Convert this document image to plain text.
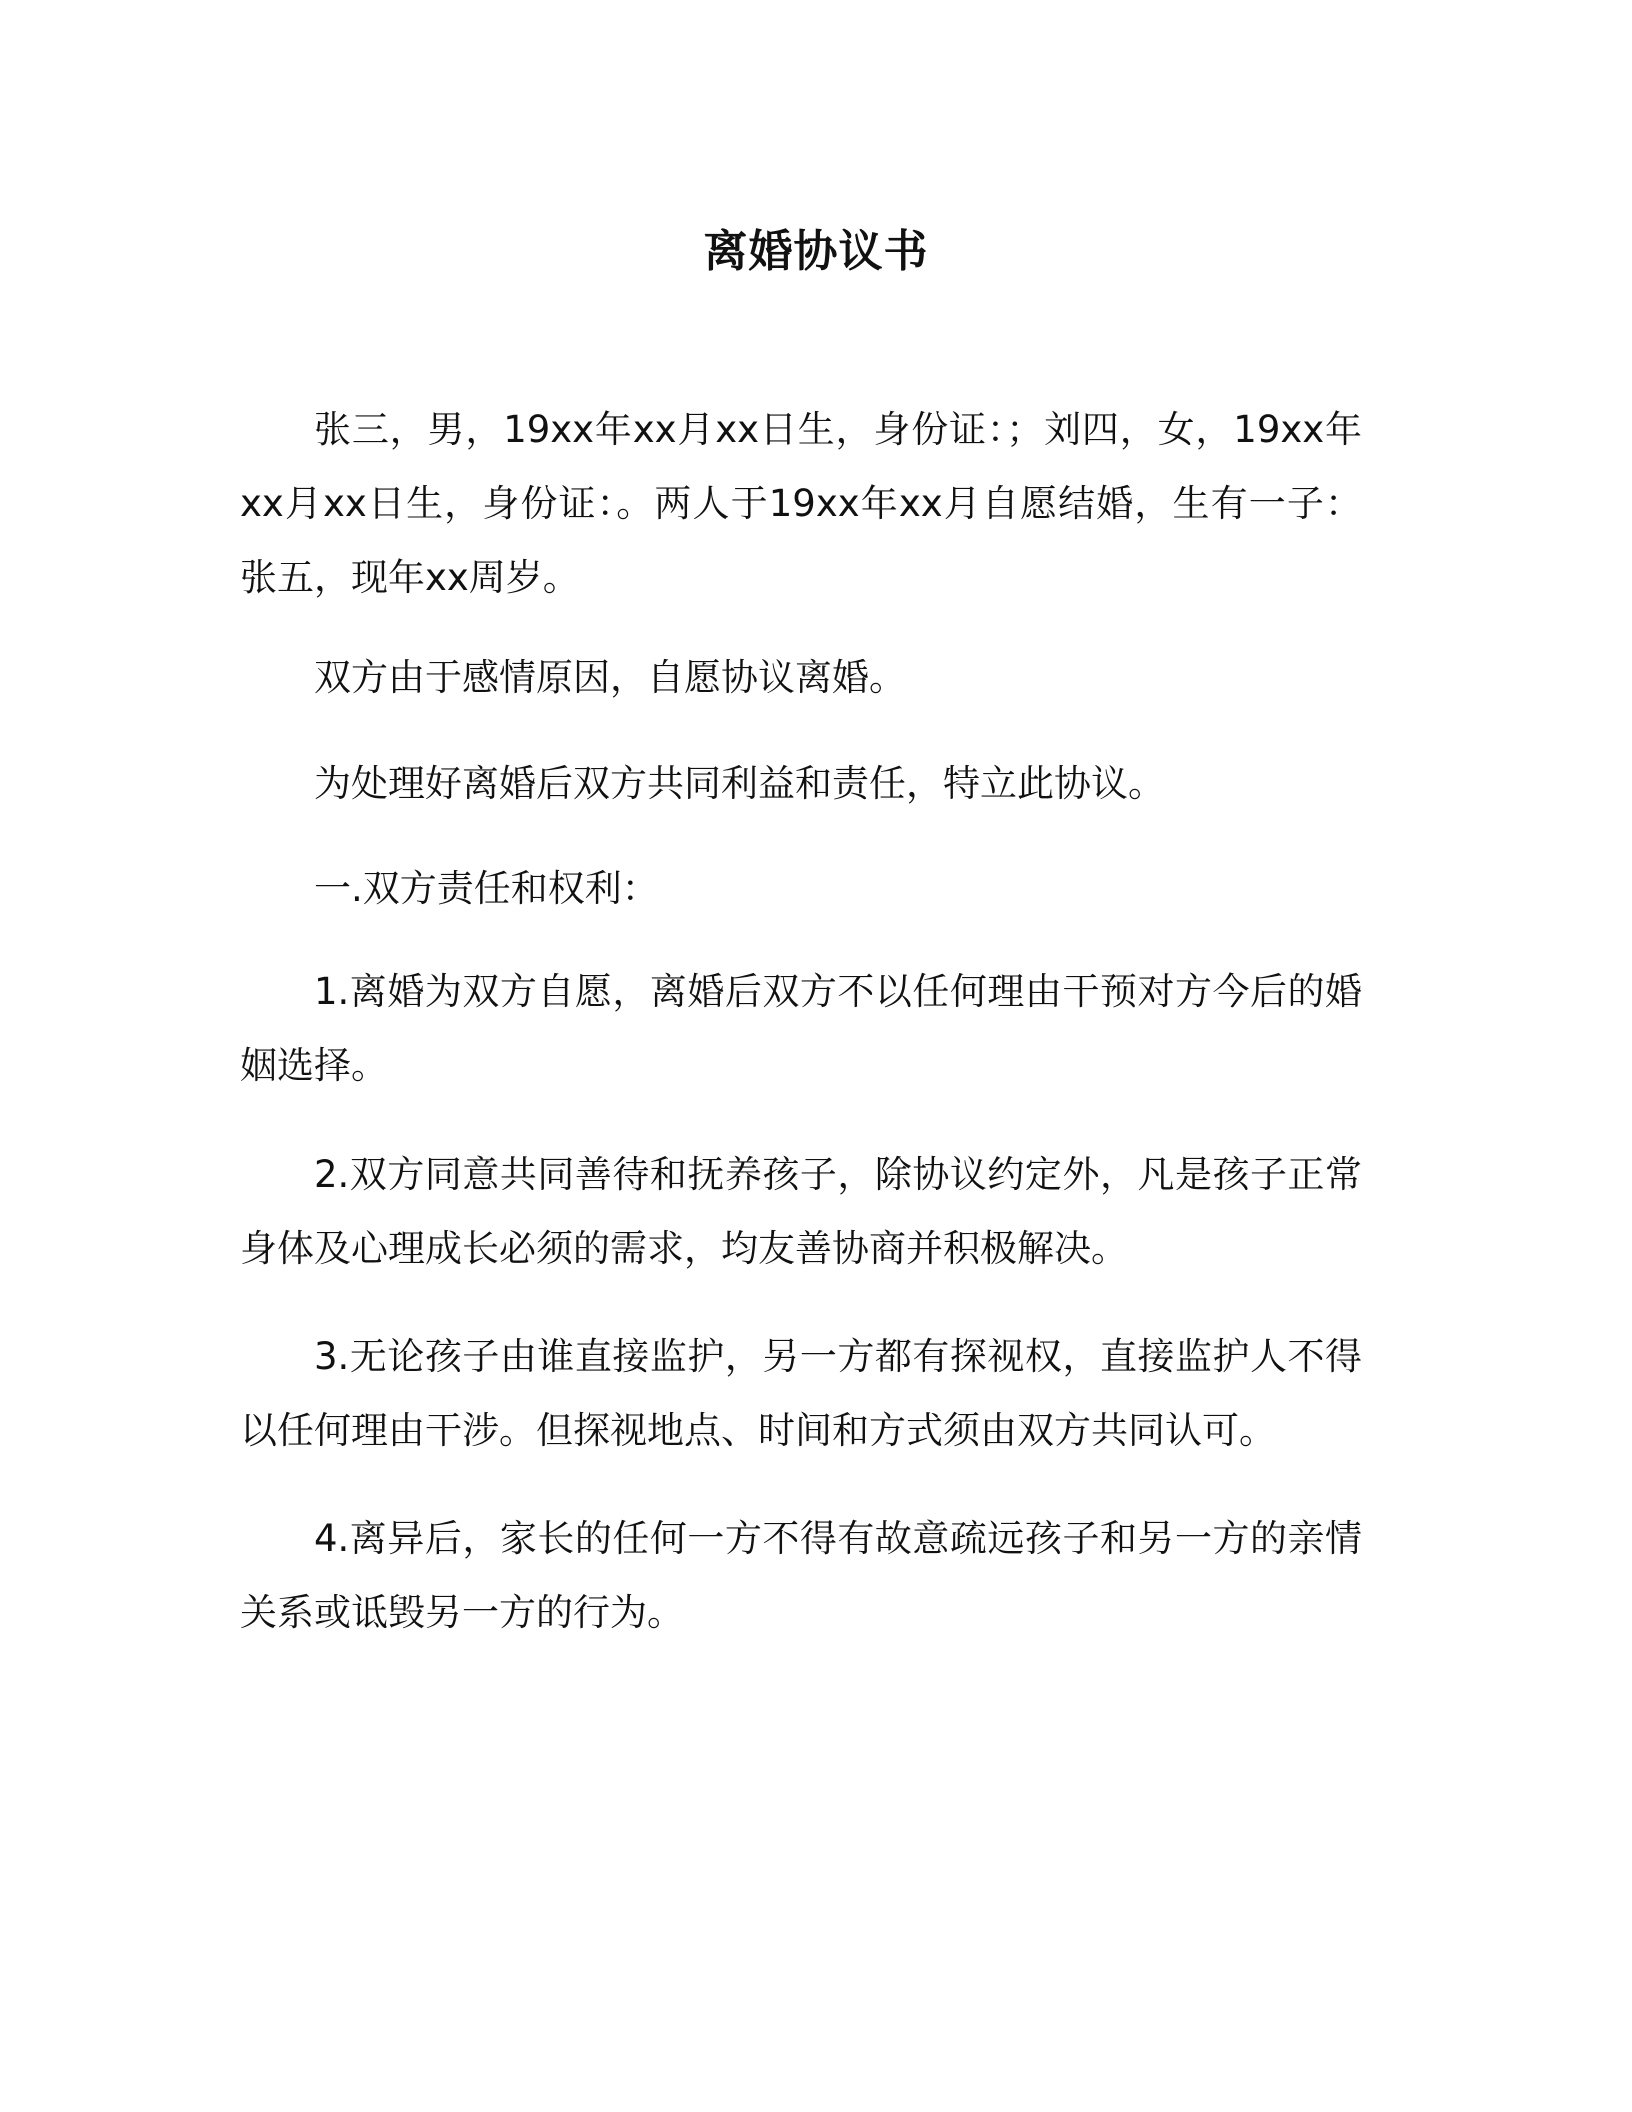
离婚协议书

张三，男，19xx年xx月xx日生，身份证：；刘四，女，19xx年xx月xx日生，身份证：。两人于19xx年xx月自愿结婚，生有一子：张五，现年xx周岁。

双方由于感情原因，自愿协议离婚。

为处理好离婚后双方共同利益和责任，特立此协议。

一.双方责任和权利：

1.离婚为双方自愿，离婚后双方不以任何理由干预对方今后的婚姻选择。

2.双方同意共同善待和抚养孩子，除协议约定外，凡是孩子正常身体及心理成长必须的需求，均友善协商并积极解决。

3.无论孩子由谁直接监护，另一方都有探视权，直接监护人不得以任何理由干涉。但探视地点、时间和方式须由双方共同认可。

4.离异后，家长的任何一方不得有故意疏远孩子和另一方的亲情关系或诋毁另一方的行为。
